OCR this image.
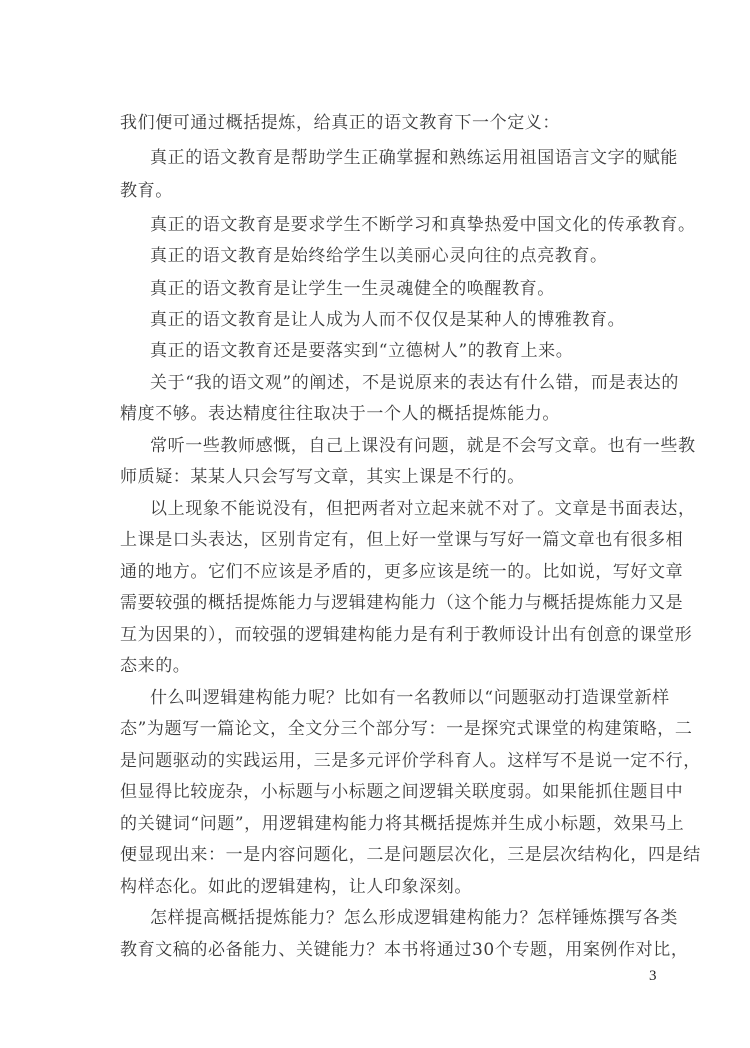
我们便可通过概括提炼，给真正的语文教育下一个定义：
真正的语文教育是帮助学生正确掌握和熟练运用祖国语言文字的赋能
教育。
真正的语文教育是要求学生不断学习和真挚热爱中国文化的传承教育。
真正的语文教育是始终给学生以美丽心灵向往的点亮教育。
真正的语文教育是让学生一生灵魂健全的唤醒教育。
真正的语文教育是让人成为人而不仅仅是某种人的博雅教育。
真正的语文教育还是要落实到“立德树人”的教育上来。
关于“我的语文观”的阐述，不是说原来的表达有什么错，而是表达的
精度不够。表达精度往往取决于一个人的概括提炼能力。
常听一些教师感慨，自己上课没有问题，就是不会写文章。也有一些教
师质疑：某某人只会写写文章，其实上课是不行的。
以上现象不能说没有，但把两者对立起来就不对了。文章是书面表达，
上课是口头表达，区别肯定有，但上好一堂课与写好一篇文章也有很多相
通的地方。它们不应该是矛盾的，更多应该是统一的。比如说，写好文章
需要较强的概括提炼能力与逻辑建构能力（这个能力与概括提炼能力又是
互为因果的），而较强的逻辑建构能力是有利于教师设计出有创意的课堂形
态来的。
什么叫逻辑建构能力呢？比如有一名教师以“问题驱动打造课堂新样
态”为题写一篇论文，全文分三个部分写：一是探究式课堂的构建策略，二
是问题驱动的实践运用，三是多元评价学科育人。这样写不是说一定不行，
但显得比较庞杂，小标题与小标题之间逻辑关联度弱。如果能抓住题目中
的关键词“问题”，用逻辑建构能力将其概括提炼并生成小标题，效果马上
便显现出来：一是内容问题化，二是问题层次化，三是层次结构化，四是结
构样态化。如此的逻辑建构，让人印象深刻。
怎样提高概括提炼能力？怎么形成逻辑建构能力？怎样锤炼撰写各类
教育文稿的必备能力、关键能力？本书将通过30个专题，用案例作对比，
3
